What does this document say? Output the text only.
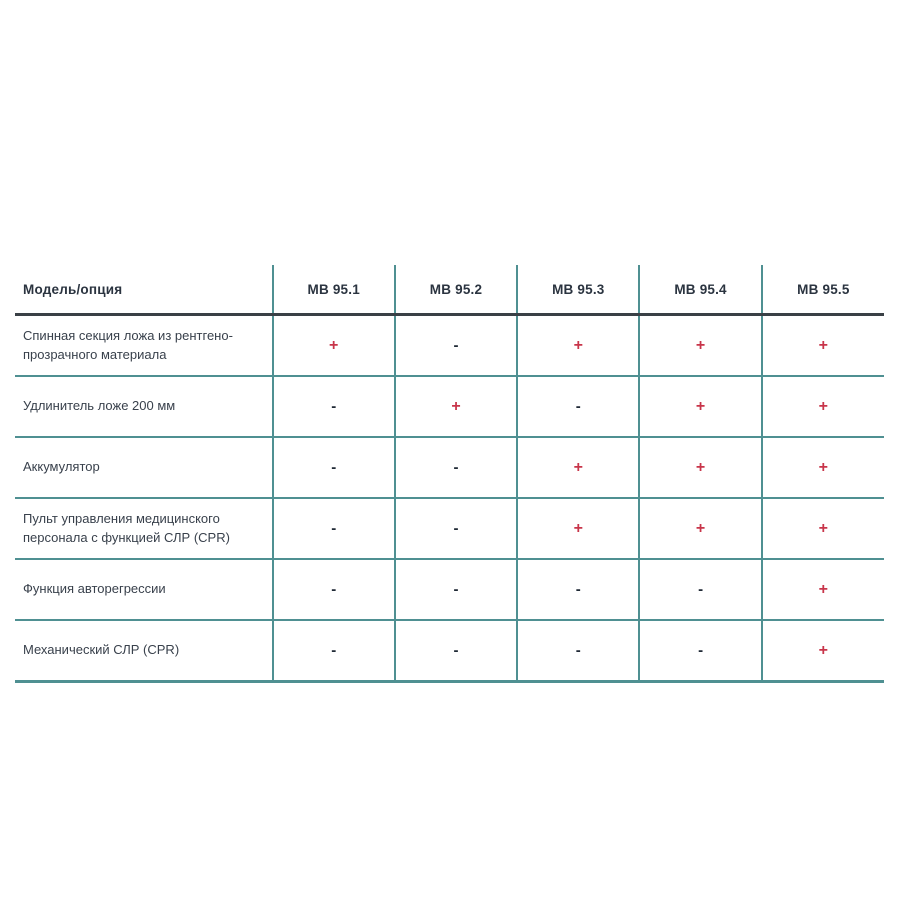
Модель/опция	МВ 95.1	МВ 95.2	МВ 95.3	МВ 95.4	МВ 95.5
Спинная секция ложа из рентгено-прозрачного материала	+	-	+	+	+
Удлинитель ложе 200 мм	-	+	-	+	+
Аккумулятор	-	-	+	+	+
Пульт управления медицинского персонала с функцией СЛР (CPR)	-	-	+	+	+
Функция авторегрессии	-	-	-	-	+
Механический СЛР (CPR)	-	-	-	-	+
